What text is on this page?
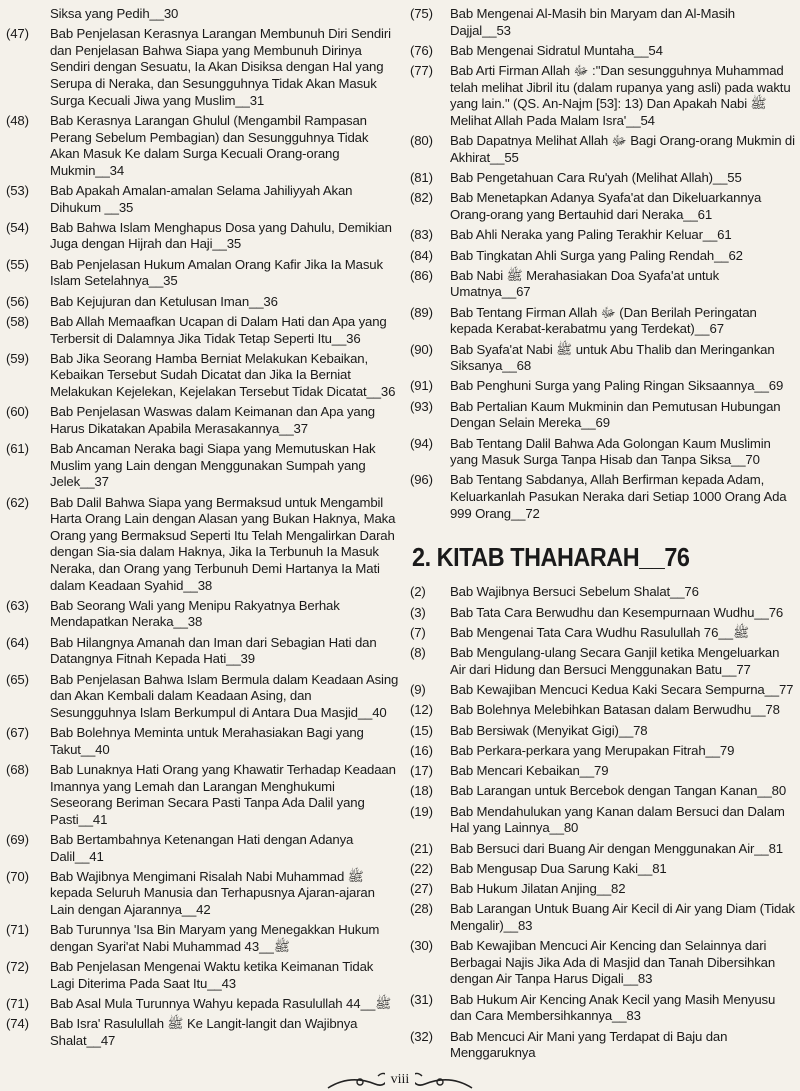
Siksa yang Pedih__30
(47)	Bab Penjelasan Kerasnya Larangan Membunuh Diri Sendiri dan Penjelasan Bahwa Siapa yang Membunuh Dirinya Sendiri dengan Sesuatu, Ia Akan Disiksa dengan Hal yang Serupa di Neraka, dan Sesungguhnya Tidak Akan Masuk Surga Kecuali Jiwa yang Muslim__31
(48)	Bab Kerasnya Larangan Ghulul (Mengambil Rampasan Perang Sebelum Pembagian) dan Sesungguhnya Tidak Akan Masuk Ke dalam Surga Kecuali Orang-orang Mukmin__34
(53)	Bab Apakah Amalan-amalan Selama Jahiliyyah Akan Dihukum __35
(54)	Bab Bahwa Islam Menghapus Dosa yang Dahulu, Demikian Juga dengan Hijrah dan Haji__35
(55)	Bab Penjelasan Hukum Amalan Orang Kafir Jika Ia Masuk Islam Setelahnya__35
(56)	Bab Kejujuran dan Ketulusan Iman__36
(58)	Bab Allah Memaafkan Ucapan di Dalam Hati dan Apa yang Terbersit di Dalamnya Jika Tidak Tetap Seperti Itu__36
(59)	Bab Jika Seorang Hamba Berniat Melakukan Kebaikan, Kebaikan Tersebut Sudah Dicatat dan Jika Ia Berniat Melakukan Kejelekan, Kejelakan Tersebut Tidak Dicatat__36
(60)	Bab Penjelasan Waswas dalam Keimanan dan Apa yang Harus Dikatakan Apabila Merasakannya__37
(61)	Bab Ancaman Neraka bagi Siapa yang Memutuskan Hak Muslim yang Lain dengan Menggunakan Sumpah yang Jelek__37
(62)	Bab Dalil Bahwa Siapa yang Bermaksud untuk Mengambil Harta Orang Lain dengan Alasan yang Bukan Haknya, Maka Orang yang Bermaksud Seperti Itu Telah Mengalirkan Darah dengan Sia-sia dalam Haknya, Jika Ia Terbunuh Ia Masuk Neraka, dan Orang yang Terbunuh Demi Hartanya Ia Mati dalam Keadaan Syahid__38
(63)	Bab Seorang Wali yang Menipu Rakyatnya Berhak Mendapatkan Neraka__38
(64)	Bab Hilangnya Amanah dan Iman dari Sebagian Hati dan Datangnya Fitnah Kepada Hati__39
(65)	Bab Penjelasan Bahwa Islam Bermula dalam Keadaan Asing dan Akan Kembali dalam Keadaan Asing, dan Sesungguhnya Islam Berkumpul di Antara Dua Masjid__40
(67)	Bab Bolehnya Meminta untuk Merahasiakan Bagi yang Takut__40
(68)	Bab Lunaknya Hati Orang yang Khawatir Terhadap Keadaan Imannya yang Lemah dan Larangan Menghukumi Seseorang Beriman Secara Pasti Tanpa Ada Dalil yang Pasti__41
(69)	Bab Bertambahnya Ketenangan Hati dengan Adanya Dalil__41
(70)	Bab Wajibnya Mengimani Risalah Nabi Muhammad ﷺ kepada Seluruh Manusia dan Terhapusnya Ajaran-ajaran Lain dengan Ajarannya__42
(71)	Bab Turunnya 'Isa Bin Maryam yang Menegakkan Hukum dengan Syari'at Nabi Muhammad ﷺ__43
(72)	Bab Penjelasan Mengenai Waktu ketika Keimanan Tidak Lagi Diterima Pada Saat Itu__43
(71)	Bab Asal Mula Turunnya Wahyu kepada Rasulullah ﷺ__44
(74)	Bab Isra' Rasulullah ﷺ Ke Langit-langit dan Wajibnya Shalat__47
(75)	Bab Mengenai Al-Masih bin Maryam dan Al-Masih Dajjal__53
(76)	Bab Mengenai Sidratul Muntaha__54
(77)	Bab Arti Firman Allah ﷻ :"Dan sesungguhnya Muhammad telah melihat Jibril itu (dalam rupanya yang asli) pada waktu yang lain." (QS. An-Najm [53]: 13) Dan Apakah Nabi ﷺ Melihat Allah Pada Malam Isra'__54
(80)	Bab Dapatnya Melihat Allah ﷻ Bagi Orang-orang Mukmin di Akhirat__55
(81)	Bab Pengetahuan Cara Ru'yah (Melihat Allah)__55
(82)	Bab Menetapkan Adanya Syafa'at dan Dikeluarkannya Orang-orang yang Bertauhid dari Neraka__61
(83)	Bab Ahli Neraka yang Paling Terakhir Keluar__61
(84)	Bab Tingkatan Ahli Surga yang Paling Rendah__62
(86)	Bab Nabi ﷺ Merahasiakan Doa Syafa'at untuk Umatnya__67
(89)	Bab Tentang Firman Allah ﷻ (Dan Berilah Peringatan kepada Kerabat-kerabatmu yang Terdekat)__67
(90)	Bab Syafa'at Nabi ﷺ untuk Abu Thalib dan Meringankan Siksanya__68
(91)	Bab Penghuni Surga yang Paling Ringan Siksaannya__69
(93)	Bab Pertalian Kaum Mukminin dan Pemutusan Hubungan Dengan Selain Mereka__69
(94)	Bab Tentang Dalil Bahwa Ada Golongan Kaum Muslimin yang Masuk Surga Tanpa Hisab dan Tanpa Siksa__70
(96)	Bab Tentang Sabdanya, Allah Berfirman kepada Adam, Keluarkanlah Pasukan Neraka dari Setiap 1000 Orang Ada 999 Orang__72
2. KITAB THAHARAH__76
(2)	Bab Wajibnya Bersuci Sebelum Shalat__76
(3)	Bab Tata Cara Berwudhu dan Kesempurnaan Wudhu__76
(7)	Bab Mengenai Tata Cara Wudhu Rasulullah ﷺ__76
(8)	Bab Mengulang-ulang Secara Ganjil ketika Mengeluarkan Air dari Hidung dan Bersuci Menggunakan Batu__77
(9)	Bab Kewajiban Mencuci Kedua Kaki Secara Sempurna__77
(12)	Bab Bolehnya Melebihkan Batasan dalam Berwudhu__78
(15)	Bab Bersiwak (Menyikat Gigi)__78
(16)	Bab Perkara-perkara yang Merupakan Fitrah__79
(17)	Bab Mencari Kebaikan__79
(18)	Bab Larangan untuk Bercebok dengan Tangan Kanan__80
(19)	Bab Mendahulukan yang Kanan dalam Bersuci dan Dalam Hal yang Lainnya__80
(21)	Bab Bersuci dari Buang Air dengan Menggunakan Air__81
(22)	Bab Mengusap Dua Sarung Kaki__81
(27)	Bab Hukum Jilatan Anjing__82
(28)	Bab Larangan Untuk Buang Air Kecil di Air yang Diam (Tidak Mengalir)__83
(30)	Bab Kewajiban Mencuci Air Kencing dan Selainnya dari Berbagai Najis Jika Ada di Masjid dan Tanah Dibersihkan dengan Air Tanpa Harus Digali__83
(31)	Bab Hukum Air Kencing Anak Kecil yang Masih Menyusu dan Cara Membersihkannya__83
(32)	Bab Mencuci Air Mani yang Terdapat di Baju dan Menggaruknya
viii
